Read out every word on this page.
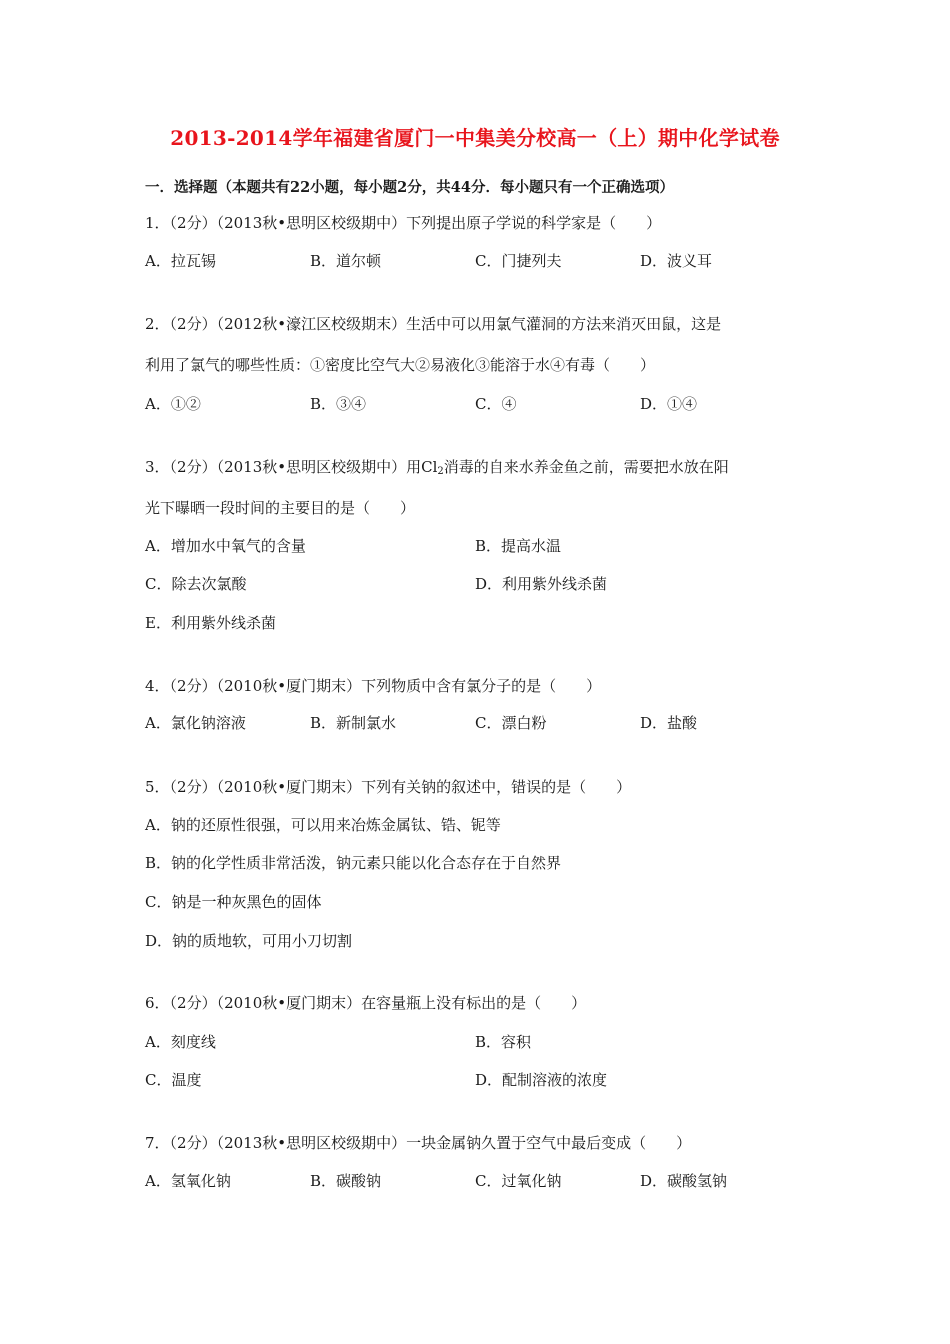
2013-2014学年福建省厦门一中集美分校高一（上）期中化学试卷
一．选择题（本题共有22小题，每小题2分，共44分．每小题只有一个正确选项）
1．（2分）（2013秋•思明区校级期中）下列提出原子学说的科学家是（　　）
A．拉瓦锡	B．道尔顿	C．门捷列夫	D．波义耳
2．（2分）（2012秋•濠江区校级期末）生活中可以用氯气灌洞的方法来消灭田鼠，这是
利用了氯气的哪些性质：①密度比空气大②易液化③能溶于水④有毒（　　）
A．①②	B．③④	C．④	D．①④
3．（2分）（2013秋•思明区校级期中）用$Cl_2$消毒的自来水养金鱼之前，需要把水放在阳
光下曝晒一段时间的主要目的是（　　）
A．增加水中氧气的含量	B．提高水温
C．除去次氯酸	D．利用紫外线杀菌
E．利用紫外线杀菌
4．（2分）（2010秋•厦门期末）下列物质中含有氯分子的是（　　）
A．氯化钠溶液	B．新制氯水	C．漂白粉	D．盐酸
5．（2分）（2010秋•厦门期末）下列有关钠的叙述中，错误的是（　　）
A．钠的还原性很强，可以用来冶炼金属钛、锆、铌等
B．钠的化学性质非常活泼，钠元素只能以化合态存在于自然界
C．钠是一种灰黑色的固体
D．钠的质地软，可用小刀切割
6．（2分）（2010秋•厦门期末）在容量瓶上没有标出的是（　　）
A．刻度线	B．容积
C．温度	D．配制溶液的浓度
7．（2分）（2013秋•思明区校级期中）一块金属钠久置于空气中最后变成（　　）
A．氢氧化钠	B．碳酸钠	C．过氧化钠	D．碳酸氢钠
